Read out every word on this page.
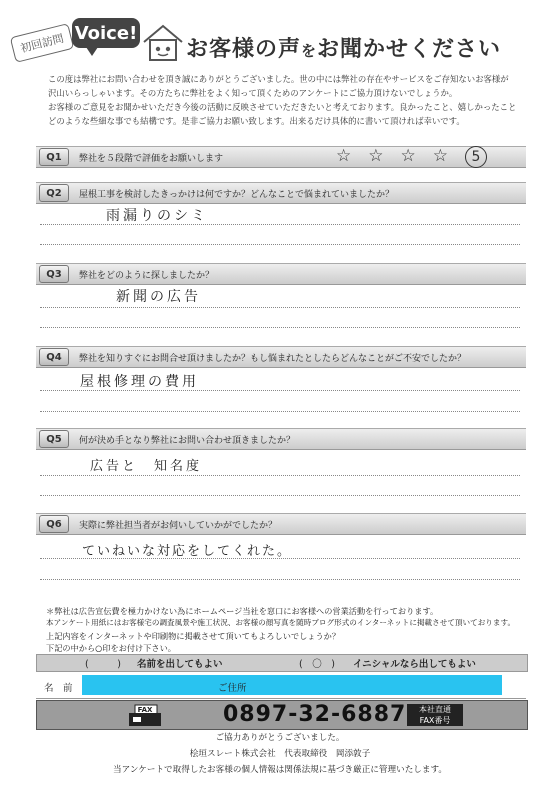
初回訪問 Voice!
お客様の声をお聞かせください

この度は弊社にお問い合わせを頂き誠にありがとうございました。世の中には弊社の存在やサービスをご存知ないお客様が

沢山いらっしゃいます。その方たちに弊社をよく知って頂くためのアンケートにご協力頂けないでしょうか。

お客様のご意見をお聞かせいただき今後の活動に反映させていただきたいと考えております。良かったこと、嬉しかったこと

どのような些細な事でも結構です。是非ご協力お願い致します。出来るだけ具体的に書いて頂ければ幸いです。

Q1	弊社を５段階で評価をお願いします	☆ ☆ ☆ ☆	5
Q2	屋根工事を検討したきっかけは何ですか？どんなことで悩まれていましたか？
雨漏りのシミ
Q3	弊社をどのように探しましたか？
新聞の広告
Q4	弊社を知りすぐにお問合せ頂けましたか？もし悩まれたとしたらどんなことがご不安でしたか？
屋根修理の費用
Q5	何が決め手となり弊社にお問い合わせ頂きましたか？
広告と　知名度
Q6	実際に弊社担当者がお伺いしていかがでしたか？
ていねいな対応をしてくれた。

＊弊社は広告宣伝費を極力かけない為にホームページ当社を窓口にお客様への営業活動を行っております。

本アンケート用紙にはお客様宅の調査風景や施工状況、お客様の顔写真を随時ブログ形式のインターネットに掲載させて頂いております。

上記内容をインターネットや印刷物に掲載させて頂いてもよろしいでしょうか？

下記の中から○印をお付け下さい。

(　　　) 名前を出してもよい	(　〇　) イニシャルなら出してもよい
名　前	ご住所
FAX	0897-32-6887	本社直通
FAX番号
ご協力ありがとうございました。
桧垣スレート株式会社　代表取締役　岡添敦子
当アンケートで取得したお客様の個人情報は関係法規に基づき厳正に管理いたします。
